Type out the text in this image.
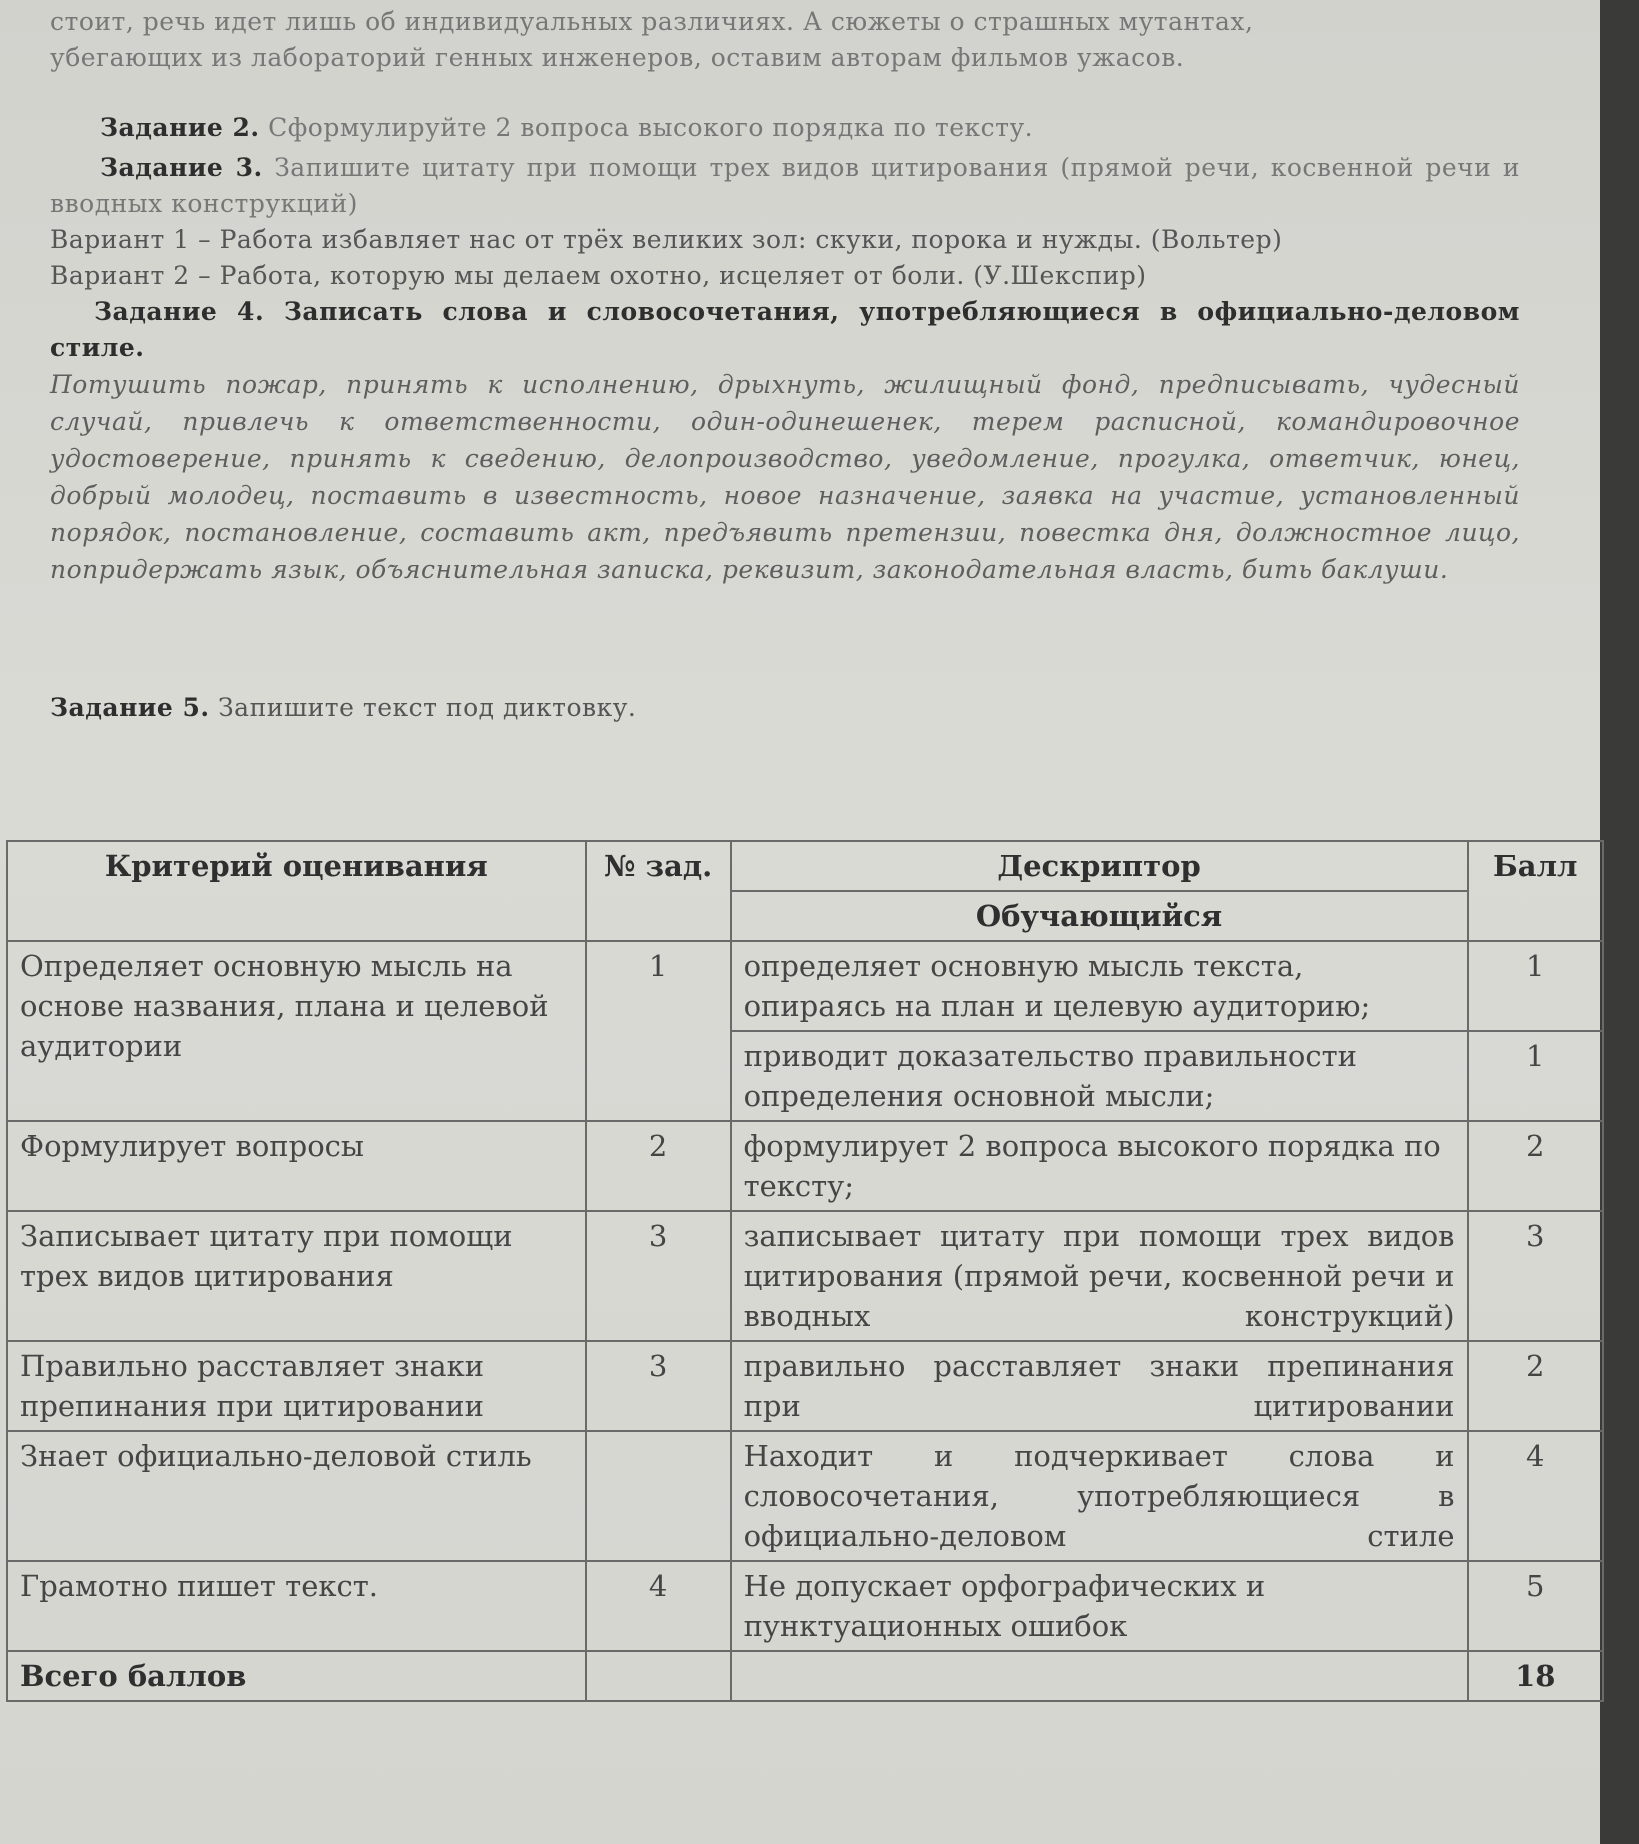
стоит, речь идет лишь об индивидуальных различиях. А сюжеты о страшных мутантах,

убегающих из лабораторий генных инженеров, оставим авторам фильмов ужасов.

Задание 2. Сформулируйте 2 вопроса высокого порядка по тексту.

Задание 3. Запишите цитату при помощи трех видов цитирования (прямой речи, косвенной речи и вводных конструкций)

Вариант 1 – Работа избавляет нас от трёх великих зол: скуки, порока и нужды. (Вольтер)

Вариант 2 – Работа, которую мы делаем охотно, исцеляет от боли. (У.Шекспир)

Задание 4. Записать слова и словосочетания, употребляющиеся в официально-деловом стиле.

Потушить пожар, принять к исполнению, дрыхнуть, жилищный фонд, предписывать, чудесный случай, привлечь к ответственности, один-одинешенек, терем расписной, командировочное удостоверение, принять к сведению, делопроизводство, уведомление, прогулка, ответчик, юнец, добрый молодец, поставить в известность, новое назначение, заявка на участие, установленный порядок, постановление, составить акт, предъявить претензии, повестка дня, должностное лицо, попридержать язык, объяснительная записка, реквизит, законодательная власть, бить баклуши.

Задание 5. Запишите текст под диктовку.

Критерий оценивания	№ зад.	Дескриптор	Балл
		Обучающийся	
Определяет основную мысль на основе названия, плана и целевой аудитории	1	определяет основную мысль текста, опираясь на план и целевую аудиторию;	1
		приводит доказательство правильности определения основной мысли;	1
Формулирует вопросы	2	формулирует 2 вопроса высокого порядка по тексту;	2
Записывает цитату при помощи трех видов цитирования	3	записывает цитату при помощи трех видов цитирования (прямой речи, косвенной речи и вводных конструкций)	3
Правильно расставляет знаки препинания при цитировании	3	правильно расставляет знаки препинания при цитировании	2
Знает официально-деловой стиль		Находит и подчеркивает слова и словосочетания, употребляющиеся в официально-деловом стиле	4
Грамотно пишет текст.	4	Не допускает орфографических и пунктуационных ошибок	5
Всего баллов			18
